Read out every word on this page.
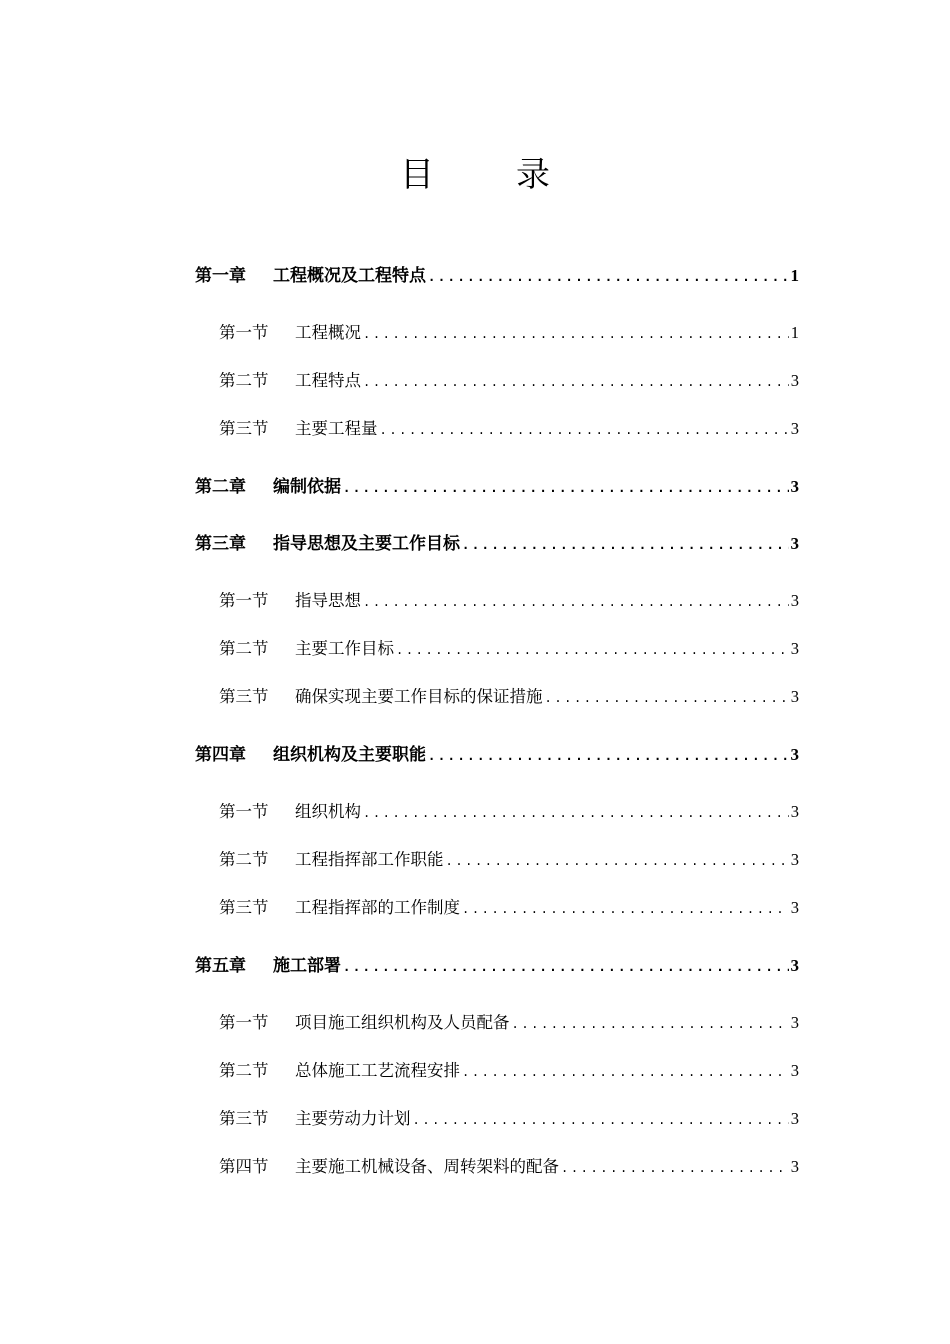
目 录
第一章	工程概况及工程特点 .....	1
第一节	工程概况 .....	1
第二节	工程特点 .....	3
第三节	主要工程量 .....	3
第二章	编制依据 .....	3
第三章	指导思想及主要工作目标 .....	3
第一节	指导思想 .....	3
第二节	主要工作目标 .....	3
第三节	确保实现主要工作目标的保证措施 .....	3
第四章	组织机构及主要职能 .....	3
第一节	组织机构 .....	3
第二节	工程指挥部工作职能 .....	3
第三节	工程指挥部的工作制度 .....	3
第五章	施工部署 .....	3
第一节	项目施工组织机构及人员配备 .....	3
第二节	总体施工工艺流程安排 .....	3
第三节	主要劳动力计划 .....	3
第四节	主要施工机械设备、周转架料的配备 .....	3
